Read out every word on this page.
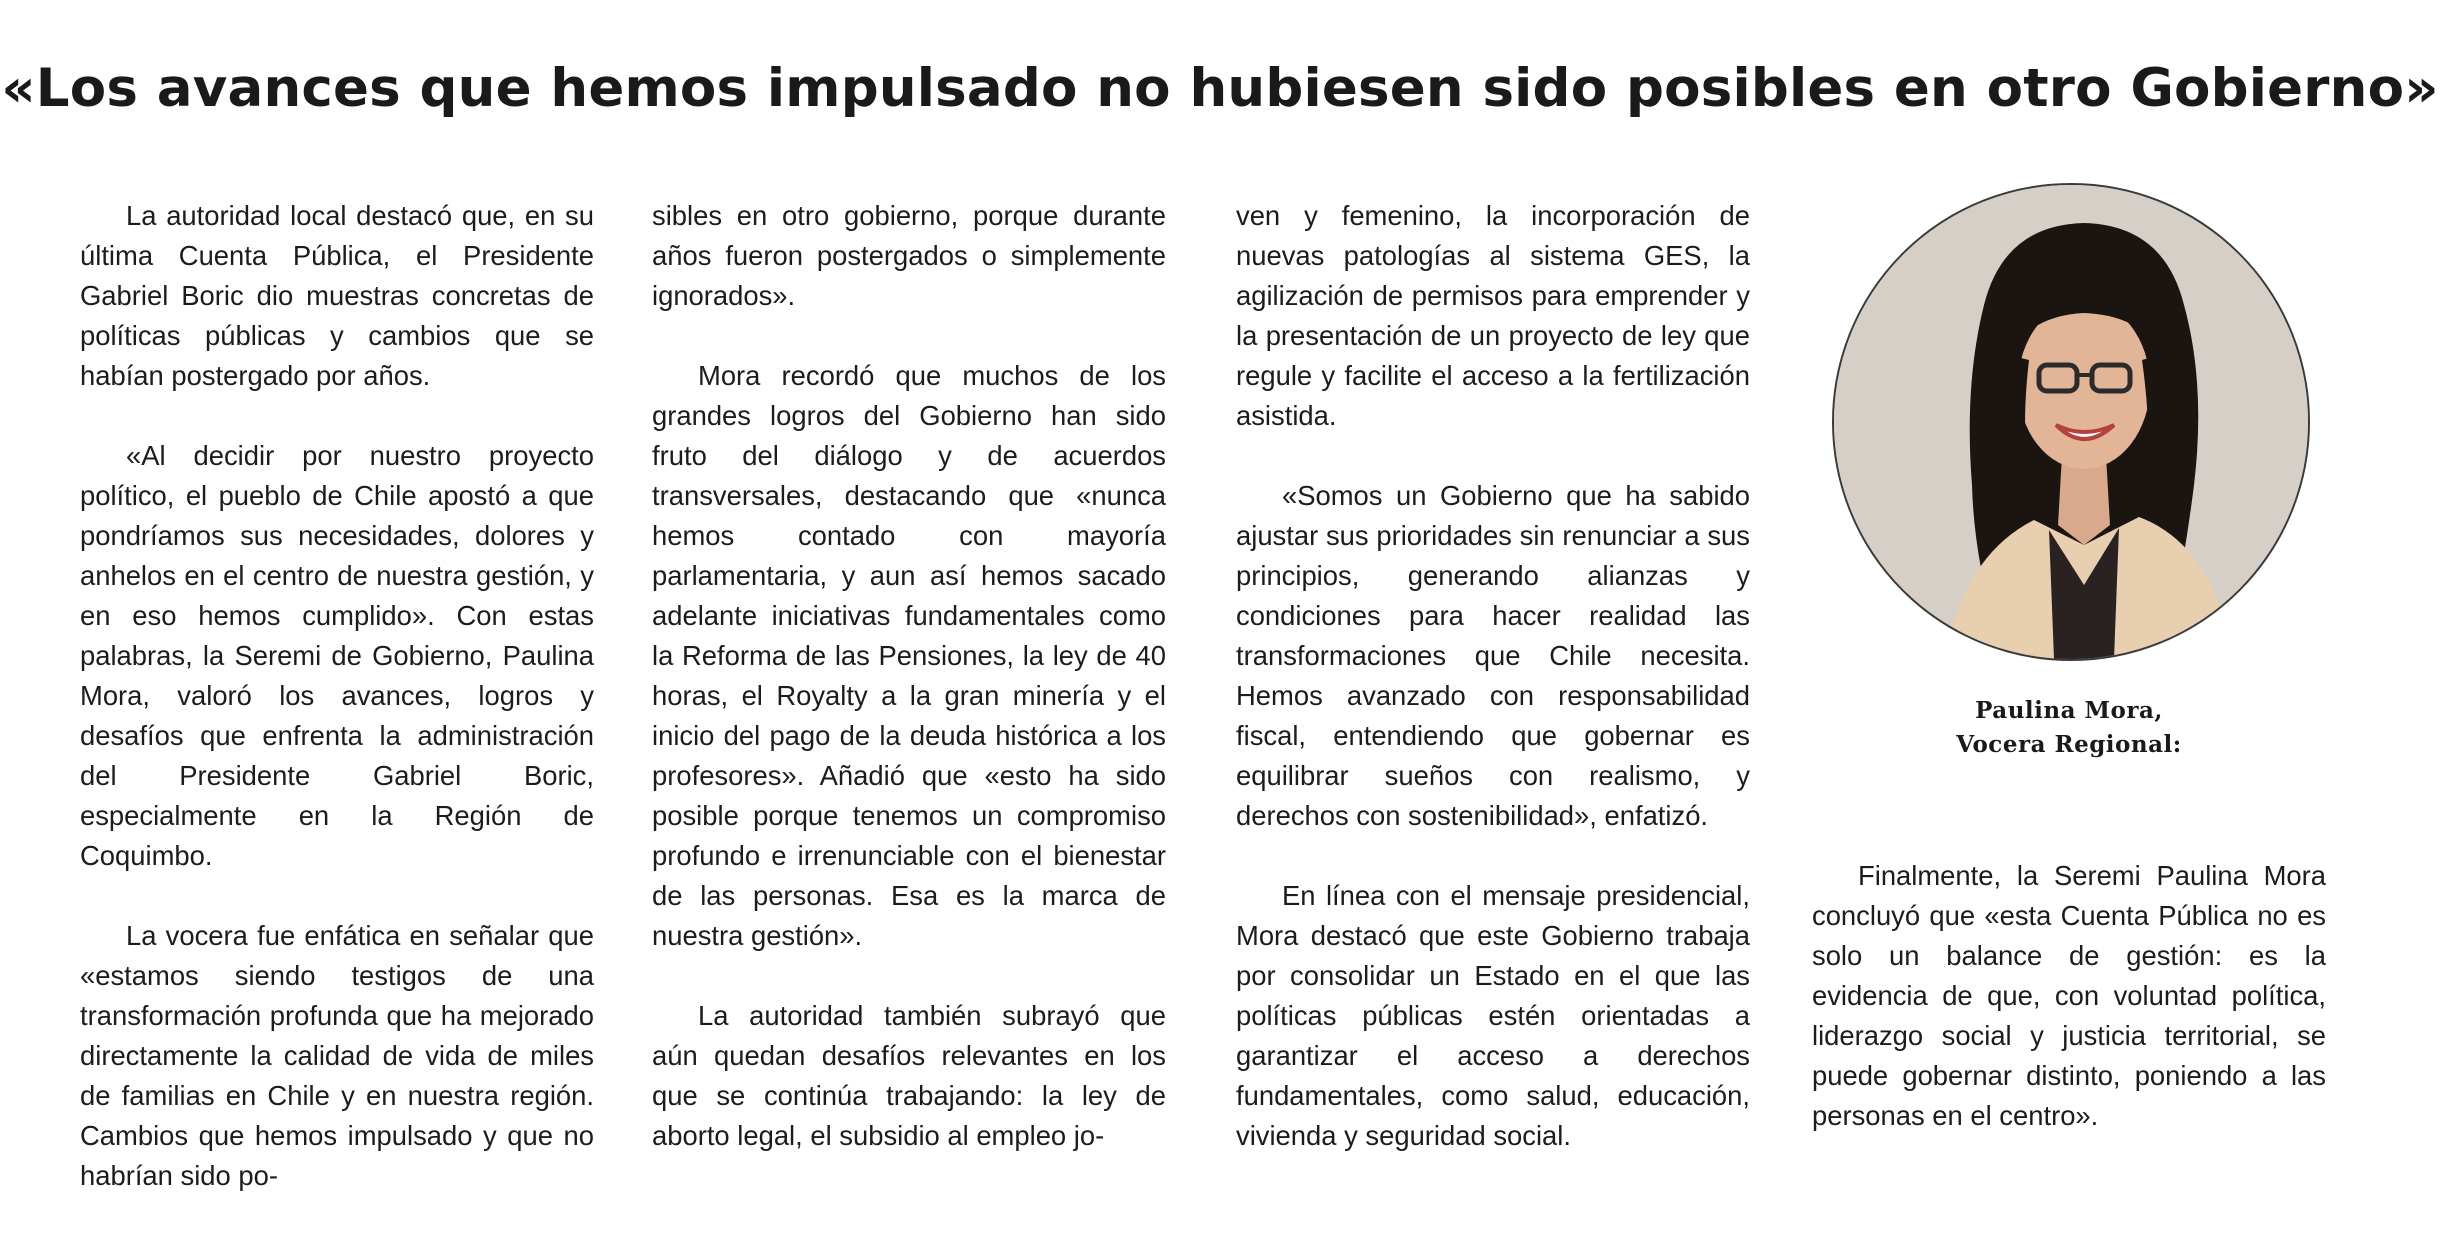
«Los avances que hemos impulsado no hubiesen sido posibles en otro Gobierno»

La autoridad local destacó que, en su última Cuenta Pública, el Presidente Gabriel Boric dio muestras concretas de políticas públicas y cambios que se habían postergado por años.

«Al decidir por nuestro proyecto político, el pueblo de Chile apostó a que pondríamos sus necesidades, dolores y anhelos en el centro de nuestra gestión, y en eso hemos cumplido». Con estas palabras, la Seremi de Gobierno, Paulina Mora, valoró los avances, logros y desafíos que enfrenta la administración del Presidente Gabriel Boric, especialmente en la Región de Coquimbo.

La vocera fue enfática en señalar que «estamos siendo testigos de una transformación profunda que ha mejorado directamente la calidad de vida de miles de familias en Chile y en nuestra región. Cambios que hemos impulsado y que no habrían sido po-

sibles en otro gobierno, porque durante años fueron postergados o simplemente ignorados».

Mora recordó que muchos de los grandes logros del Gobierno han sido fruto del diálogo y de acuerdos transversales, destacando que «nunca hemos contado con mayoría parlamentaria, y aun así hemos sacado adelante iniciativas fundamentales como la Reforma de las Pensiones, la ley de 40 horas, el Royalty a la gran minería y el inicio del pago de la deuda histórica a los profesores». Añadió que «esto ha sido posible porque tenemos un compromiso profundo e irrenunciable con el bienestar de las personas. Esa es la marca de nuestra gestión».

La autoridad también subrayó que aún quedan desafíos relevantes en los que se continúa trabajando: la ley de aborto legal, el subsidio al empleo jo-

ven y femenino, la incorporación de nuevas patologías al sistema GES, la agilización de permisos para emprender y la presentación de un proyecto de ley que regule y facilite el acceso a la fertilización asistida.

«Somos un Gobierno que ha sabido ajustar sus prioridades sin renunciar a sus principios, generando alianzas y condiciones para hacer realidad las transformaciones que Chile necesita. Hemos avanzado con responsabilidad fiscal, entendiendo que gobernar es equilibrar sueños con realismo, y derechos con sostenibilidad», enfatizó.

En línea con el mensaje presidencial, Mora destacó que este Gobierno trabaja por consolidar un Estado en el que las políticas públicas estén orientadas a garantizar el acceso a derechos fundamentales, como salud, educación, vivienda y seguridad social.

Paulina Mora,
Vocera Regional:

Finalmente, la Seremi Paulina Mora concluyó que «esta Cuenta Pública no es solo un balance de gestión: es la evidencia de que, con voluntad política, liderazgo social y justicia territorial, se puede gobernar distinto, poniendo a las personas en el centro».
